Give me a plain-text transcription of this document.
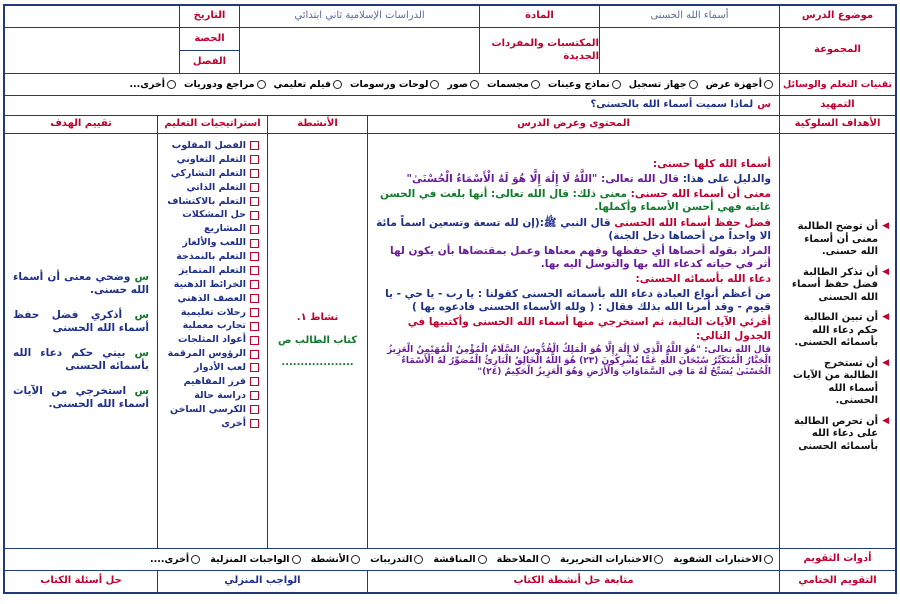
موضوع الدرس
أسماء الله الحسنى
المادة
الدراسات الإسلامية ثاني ابتدائي
التاريخ
المجموعة
المكتسبات والمفردات الجديدة
الحصة
الفصل
تقنيات التعلم والوسائل
أجهزة عرض
جهاز تسجيل
نماذج وعينات
مجسمات
صور
لوحات ورسومات
فيلم تعليمي
مراجع ودوريات
أخرى...
التمهيد
س
لماذا سميت أسماء الله بالحسنى؟
الأهداف السلوكية
المحتوى وعرض الدرس
الأنشطة
استراتيجيات التعليم
تقييم الهدف
◀
أن توضح الطالبة معنى أن أسماء الله حسنى.
◀
أن تذكر الطالبة فضل حفظ أسماء الله الحسنى
◀
أن تبين الطالبة حكم دعاء الله بأسمائه الحسنى.
◀
أن تستخرج الطالبة من الآيات أسماء الله الحسنى.
◀
أن تحرص الطالبة على دعاء الله بأسمائه الحسنى

أسماء الله كلها حسنى:

والدليل على هذا: قال الله تعالى: "اللَّهُ لَا إِلَٰهَ إِلَّا هُوَ لَهُ الْأَسْمَاءُ الْحُسْنَىٰ"

معنى أن أسماء الله حسنى: معنى ذلك: قال الله تعالى: أنها بلغت في الحسن غايته فهي أحسن الأسماء وأكملها.

فضل حفظ أسماء الله الحسنى قال النبي ﷺ:(إن لله تسعة وتسعين اسماً مائة الا واحداً من أحصاها دخل الجنة)

المراد بقوله أحصاها أي حفظها وفهم معناها وعمل بمقتضاها بأن يكون لها أثر في حياته كدعاء الله بها والتوسل اليه بها.

دعاء الله بأسمائه الحسنى:

من أعظم أنواع العبادة دعاء الله بأسمائه الحسنى كقولنا : يا رب - يا حي - يا قيوم - وقد أمرنا الله بذلك فقال : ( ولله الأسماء الحسنى فادعوه بها )

أقرئي الآيات التالية، ثم استخرجي منها أسماء الله الحسنى وأكتبيها في الجدول التالي:

قال الله تعالى: "هُوَ اللَّهُ الَّذِي لَا إِلَٰهَ إِلَّا هُوَ الْمَلِكُ الْقُدُّوسُ السَّلَامُ الْمُؤْمِنُ الْمُهَيْمِنُ الْعَزِيزُ الْجَبَّارُ الْمُتَكَبِّرُ سُبْحَانَ اللَّهِ عَمَّا يُشْرِكُونَ (٢٣) هُوَ اللَّهُ الْخَالِقُ الْبَارِئُ الْمُصَوِّرُ لَهُ الْأَسْمَاءُ الْحُسْنَىٰ يُسَبِّحُ لَهُ مَا فِي السَّمَاوَاتِ وَالْأَرْضِ وَهُوَ الْعَزِيزُ الْحَكِيمُ (٢٤)"

نشاط ١.
كتاب الطالب ص
...................
الفصل المقلوب
التعلم التعاوني
التعلم التشاركي
التعلم الذاتي
التعلم بالاكتشاف
حل المشكلات
المشاريع
اللعب والألغاز
التعلم بالنمذجة
التعلم المتمايز
الخرائط الذهنية
العصف الذهني
رحلات تعليمية
تجارب معملية
أعواد المثلجات
الرؤوس المرقمة
لعب الأدوار
فرز المفاهيم
دراسة حالة
الكرسي الساخن
أخرى
س وضحي معنى أن أسماء الله حسنى.
س أذكري فضل حفظ أسماء الله الحسنى
س بيني حكم دعاء الله بأسمائه الحسنى
س استخرجي من الآيات أسماء الله الحسنى.
أدوات التقويم
الاختبارات الشفوية
الاختبارات التحريرية
الملاحظة
المناقشة
التدريبات
الأنشطة
الواجبات المنزلية
أخرى....
التقويم الختامي
متابعة حل أنشطة الكتاب
الواجب المنزلي
حل أسئلة الكتاب
